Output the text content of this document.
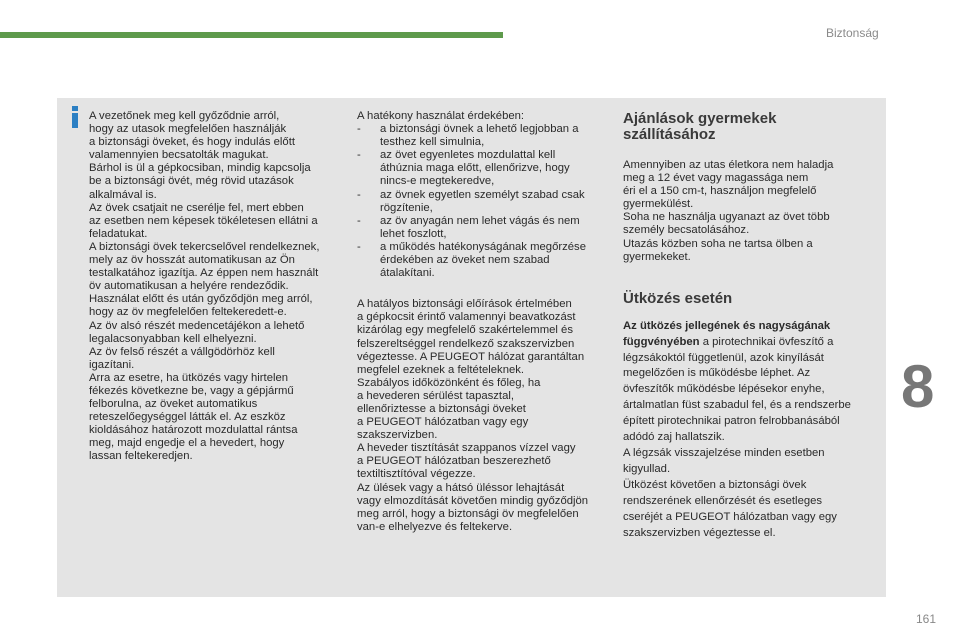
Biztonság

A vezetőnek meg kell győződnie arról,
hogy az utasok megfelelően használják
a biztonsági öveket, és hogy indulás előtt
valamennyien becsatolták magukat.
Bárhol is ül a gépkocsiban, mindig kapcsolja
be a biztonsági övét, még rövid utazások
alkalmával is.
Az övek csatjait ne cserélje fel, mert ebben
az esetben nem képesek tökéletesen ellátni a
feladatukat.
A biztonsági övek tekercselővel rendelkeznek,
mely az öv hosszát automatikusan az Ön
testalkatához igazítja. Az éppen nem használt
öv automatikusan a helyére rendeződik.
Használat előtt és után győződjön meg arról,
hogy az öv megfelelően feltekeredett-e.
Az öv alsó részét medencetájékon a lehető
legalacsonyabban kell elhelyezni.
Az öv felső részét a vállgödörhöz kell
igazítani.
Arra az esetre, ha ütközés vagy hirtelen
fékezés következne be, vagy a gépjármű
felborulna, az öveket automatikus
reteszelőegységgel látták el. Az eszköz
kioldásához határozott mozdulattal rántsa
meg, majd engedje el a hevedert, hogy
lassan feltekeredjen.

A hatékony használat érdekében:

- a biztonsági övnek a lehető legjobban a
testhez kell simulnia,
- az övet egyenletes mozdulattal kell
áthúznia maga előtt, ellenőrizve, hogy
nincs-e megtekeredve,
- az övnek egyetlen személyt szabad csak
rögzítenie,
- az öv anyagán nem lehet vágás és nem
lehet foszlott,
- a működés hatékonyságának megőrzése
érdekében az öveket nem szabad
átalakítani.

A hatályos biztonsági előírások értelmében
a gépkocsit érintő valamennyi beavatkozást
kizárólag egy megfelelő szakértelemmel és
felszereltséggel rendelkező szakszervizben
végeztesse. A PEUGEOT hálózat garantáltan
megfelel ezeknek a feltételeknek.
Szabályos időközönként és főleg, ha
a hevederen sérülést tapasztal,
ellenőriztesse a biztonsági öveket
a PEUGEOT hálózatban vagy egy
szakszervizben.
A heveder tisztítását szappanos vízzel vagy
a PEUGEOT hálózatban beszerezhető
textiltisztítóval végezze.
Az ülések vagy a hátsó üléssor lehajtását
vagy elmozdítását követően mindig győződjön
meg arról, hogy a biztonsági öv megfelelően
van-e elhelyezve és feltekerve.

Ajánlások gyermekek
szállításához

Amennyiben az utas életkora nem haladja
meg a 12 évet vagy magassága nem
éri el a 150 cm-t, használjon megfelelő
gyermekülést.
Soha ne használja ugyanazt az övet több
személy becsatolásához.
Utazás közben soha ne tartsa ölben a
gyermekeket.

Ütközés esetén

Az ütközés jellegének és nagyságának
függvényében a pirotechnikai övfeszítő a
légzsákoktól függetlenül, azok kinyílását
megelőzően is működésbe léphet. Az
övfeszítők működésbe lépésekor enyhe,
ártalmatlan füst szabadul fel, és a rendszerbe
épített pirotechnikai patron felrobbanásából
adódó zaj hallatszik.
A légzsák visszajelzése minden esetben
kigyullad.
Ütközést követően a biztonsági övek
rendszerének ellenőrzését és esetleges
cseréjét a PEUGEOT hálózatban vagy egy
szakszervizben végeztesse el.

8
161
